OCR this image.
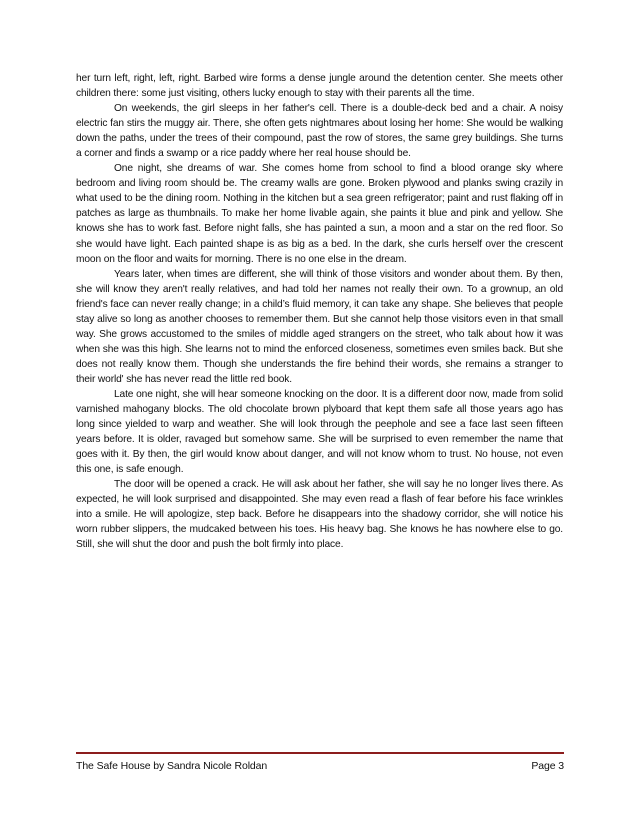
her turn left, right, left, right. Barbed wire forms a dense jungle around the detention center. She meets other children there: some just visiting, others lucky enough to stay with their parents all the time.

On weekends, the girl sleeps in her father's cell. There is a double-deck bed and a chair. A noisy electric fan stirs the muggy air. There, she often gets nightmares about losing her home: She would be walking down the paths, under the trees of their compound, past the row of stores, the same grey buildings. She turns a corner and finds a swamp or a rice paddy where her real house should be.

One night, she dreams of war. She comes home from school to find a blood orange sky where bedroom and living room should be. The creamy walls are gone. Broken plywood and planks swing crazily in what used to be the dining room. Nothing in the kitchen but a sea green refrigerator; paint and rust flaking off in patches as large as thumbnails. To make her home livable again, she paints it blue and pink and yellow. She knows she has to work fast. Before night falls, she has painted a sun, a moon and a star on the red floor. So she would have light. Each painted shape is as big as a bed. In the dark, she curls herself over the crescent moon on the floor and waits for morning. There is no one else in the dream.

Years later, when times are different, she will think of those visitors and wonder about them. By then, she will know they aren't really relatives, and had told her names not really their own. To a grownup, an old friend's face can never really change; in a child’s fluid memory, it can take any shape. She believes that people stay alive so long as another chooses to remember them. But she cannot help those visitors even in that small way. She grows accustomed to the smiles of middle aged strangers on the street, who talk about how it was when she was this high. She learns not to mind the enforced closeness, sometimes even smiles back. But she does not really know them. Though she understands the fire behind their words, she remains a stranger to their world' she has never read the little red book.

Late one night, she will hear someone knocking on the door. It is a different door now, made from solid varnished mahogany blocks. The old chocolate brown plyboard that kept them safe all those years ago has long since yielded to warp and weather. She will look through the peephole and see a face last seen fifteen years before. It is older, ravaged but somehow same. She will be surprised to even remember the name that goes with it. By then, the girl would know about danger, and will not know whom to trust. No house, not even this one, is safe enough.

The door will be opened a crack. He will ask about her father, she will say he no longer lives there. As expected, he will look surprised and disappointed. She may even read a flash of fear before his face wrinkles into a smile. He will apologize, step back. Before he disappears into the shadowy corridor, she will notice his worn rubber slippers, the mudcaked between his toes. His heavy bag. She knows he has nowhere else to go. Still, she will shut the door and push the bolt firmly into place.

The Safe House by Sandra Nicole Roldan	Page 3
